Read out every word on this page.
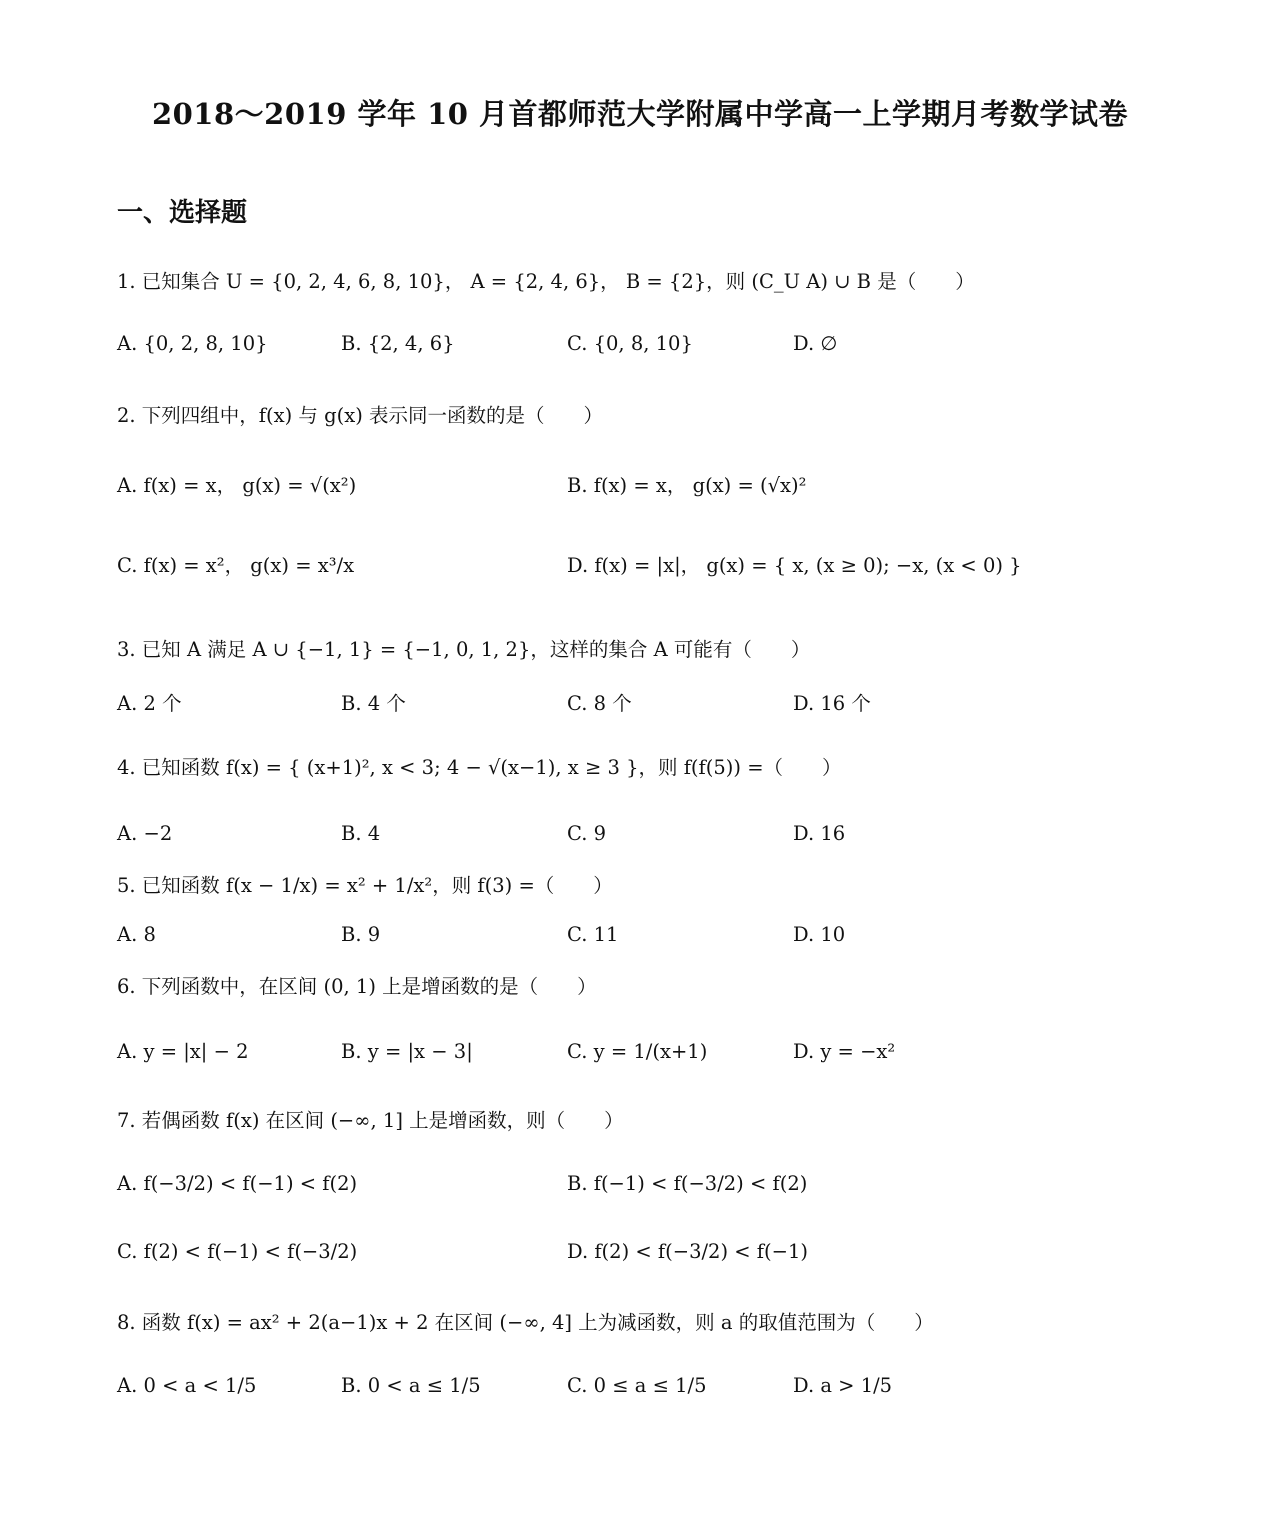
2018～2019 学年 10 月首都师范大学附属中学高一上学期月考数学试卷
一、选择题
1. 已知集合 U = {0, 2, 4, 6, 8, 10}， A = {2, 4, 6}， B = {2}，则 (C_U A) ∪ B 是（　　）
A. {0, 2, 8, 10}	B. {2, 4, 6}	C. {0, 8, 10}	D. ∅
2. 下列四组中，f(x) 与 g(x) 表示同一函数的是（　　）
A. f(x) = x， g(x) = √(x²)	B. f(x) = x， g(x) = (√x)²
C. f(x) = x²， g(x) = x³/x	D. f(x) = |x|， g(x) = { x, (x ≥ 0); −x, (x < 0) }
3. 已知 A 满足 A ∪ {−1, 1} = {−1, 0, 1, 2}，这样的集合 A 可能有（　　）
A. 2 个	B. 4 个	C. 8 个	D. 16 个
4. 已知函数 f(x) = { (x+1)², x < 3; 4 − √(x−1), x ≥ 3 }，则 f(f(5)) =（　　）
A. −2	B. 4	C. 9	D. 16
5. 已知函数 f(x − 1/x) = x² + 1/x²，则 f(3) =（　　）
A. 8	B. 9	C. 11	D. 10
6. 下列函数中，在区间 (0, 1) 上是增函数的是（　　）
A. y = |x| − 2	B. y = |x − 3|	C. y = 1/(x+1)	D. y = −x²
7. 若偶函数 f(x) 在区间 (−∞, 1] 上是增函数，则（　　）
A. f(−3/2) < f(−1) < f(2)	B. f(−1) < f(−3/2) < f(2)
C. f(2) < f(−1) < f(−3/2)	D. f(2) < f(−3/2) < f(−1)
8. 函数 f(x) = ax² + 2(a−1)x + 2 在区间 (−∞, 4] 上为减函数，则 a 的取值范围为（　　）
A. 0 < a < 1/5	B. 0 < a ≤ 1/5	C. 0 ≤ a ≤ 1/5	D. a > 1/5
